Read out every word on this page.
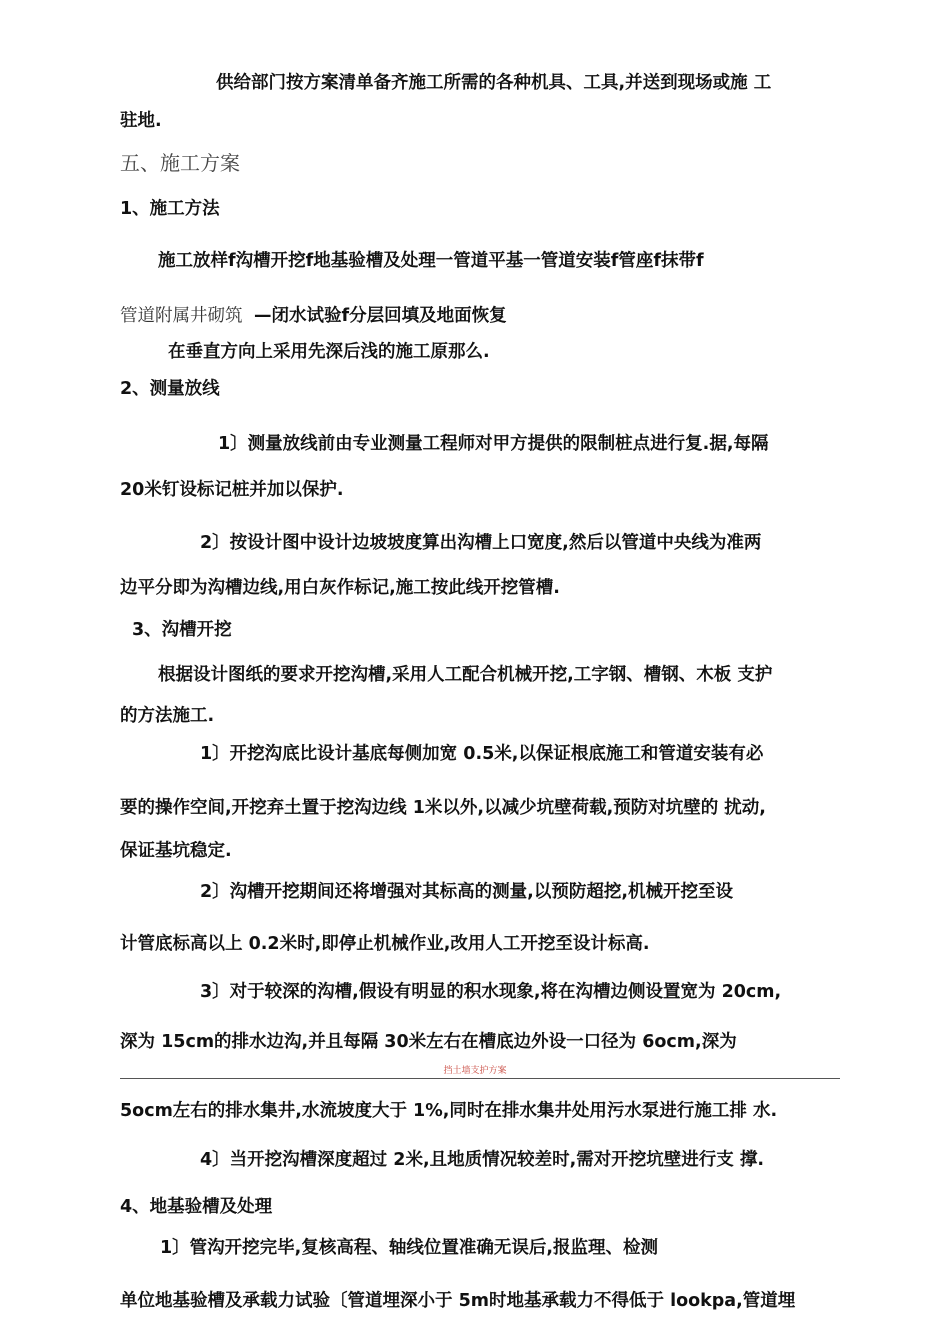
供给部门按方案清单备齐施工所需的各种机具、工具,并送到现场或施 工
驻地.
五、施工方案
1、施工方法
施工放样f沟槽开挖f地基验槽及处理一管道平基一管道安装f管座f抹带f
管道附属井砌筑 —闭水试验f分层回填及地面恢复
在垂直方向上采用先深后浅的施工原那么.
2、测量放线
1〕测量放线前由专业测量工程师对甲方提供的限制桩点进行复.据,每隔
20米钉设标记桩并加以保护.
2〕按设计图中设计边坡坡度算出沟槽上口宽度,然后以管道中央线为准两
边平分即为沟槽边线,用白灰作标记,施工按此线开挖管槽.
3、沟槽开挖
根据设计图纸的要求开挖沟槽,采用人工配合机械开挖,工字钢、槽钢、木板 支护
的方法施工.
1〕开挖沟底比设计基底每侧加宽 0.5米,以保证根底施工和管道安装有必
要的操作空间,开挖弃土置于挖沟边线 1米以外,以减少坑壁荷载,预防对坑壁的 扰动,
保证基坑稳定.
2〕沟槽开挖期间还将增强对其标高的测量,以预防超挖,机械开挖至设
计管底标高以上 0.2米时,即停止机械作业,改用人工开挖至设计标高.
3〕对于较深的沟槽,假设有明显的积水现象,将在沟槽边侧设置宽为 20cm,
深为 15cm的排水边沟,并且每隔 30米左右在槽底边外设一口径为 6ocm,深为
挡土墙支护方案
5ocm左右的排水集井,水流坡度大于 1%,同时在排水集井处用污水泵进行施工排 水.
4〕当开挖沟槽深度超过 2米,且地质情况较差时,需对开挖坑壁进行支 撑.
4、地基验槽及处理
1〕管沟开挖完毕,复核高程、轴线位置准确无误后,报监理、检测
单位地基验槽及承载力试验〔管道埋深小于 5m时地基承载力不得低于 lookpa,管道埋
